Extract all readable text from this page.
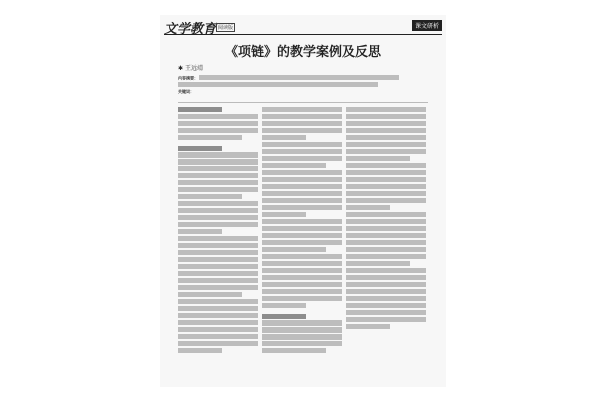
文学教育 阅读版	课文研析
《项链》的教学案例及反思
✱ 王远靖
内容摘要：
关键词：
